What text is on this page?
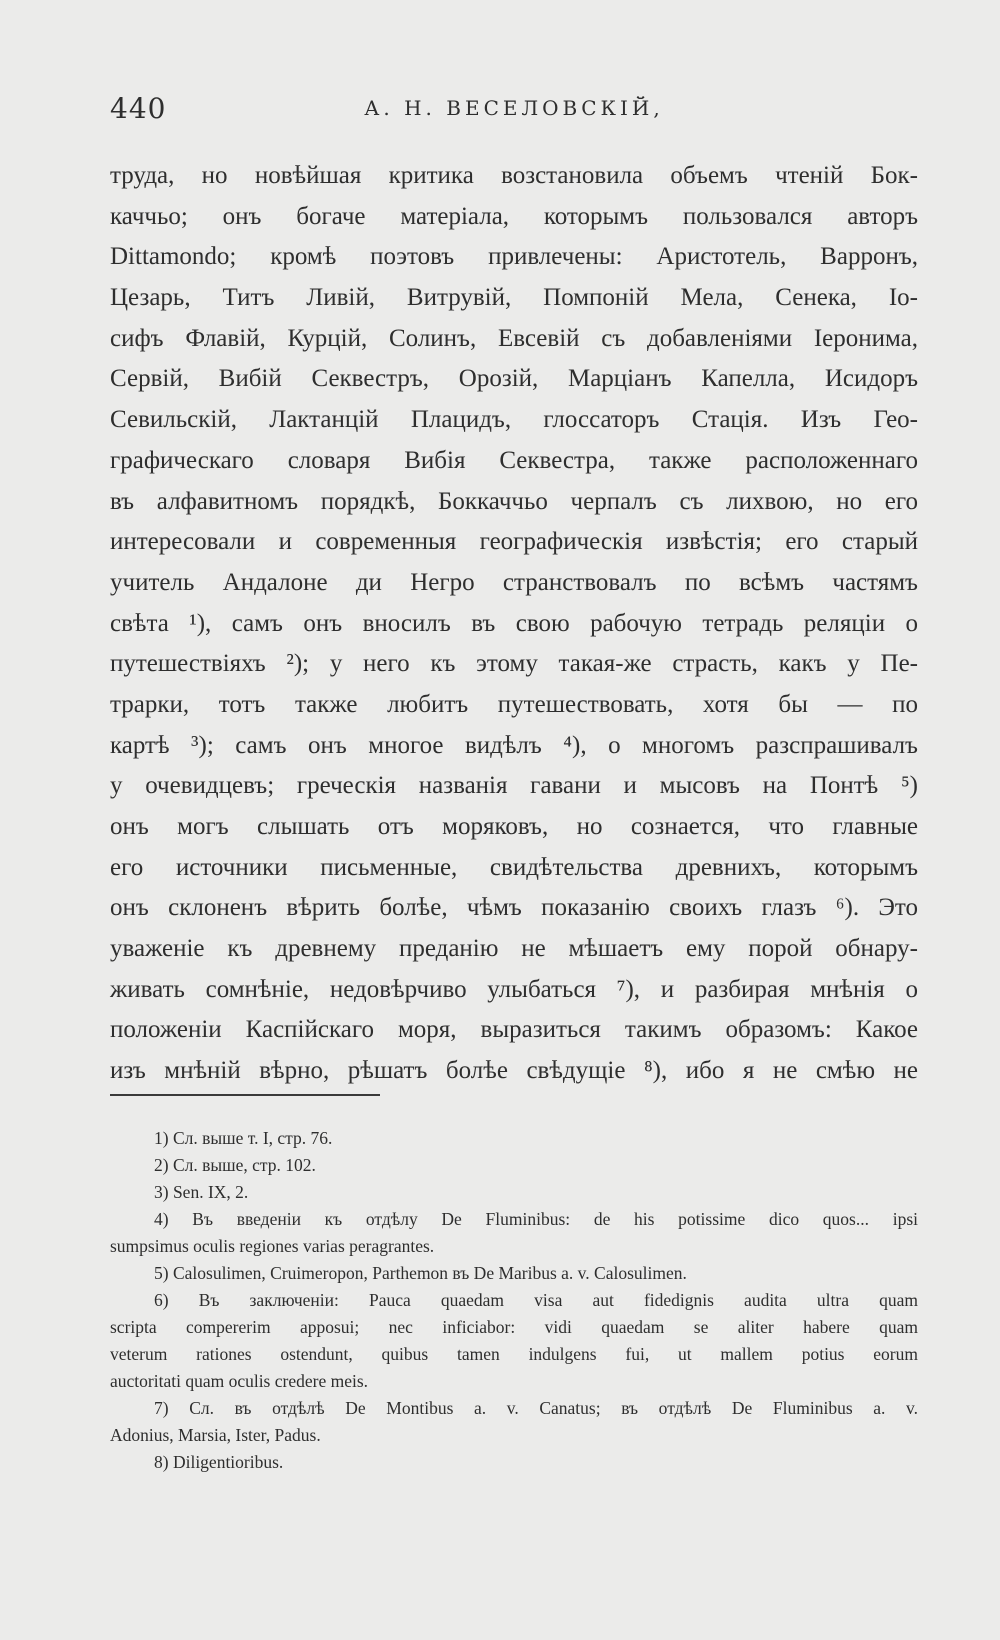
440	А. Н. ВЕСЕЛОВСКІЙ,
труда, но новѣйшая критика возстановила объемъ чтеній Бок-
каччьо; онъ богаче матеріала, которымъ пользовался авторъ
Dittamondo; кромѣ поэтовъ привлечены: Аристотель, Варронъ,
Цезарь, Титъ Ливій, Витрувій, Помпоній Мела, Сенека, Іо-
сифъ Флавій, Курцій, Солинъ, Евсевій съ добавленіями Іеронима,
Сервій, Вибій Секвестръ, Орозій, Марціанъ Капелла, Исидоръ
Севильскій, Лактанцій Плацидъ, глоссаторъ Стація. Изъ Гео-
графическаго словаря Вибія Секвестра, также расположеннаго
въ алфавитномъ порядкѣ, Боккаччьо черпалъ съ лихвою, но его
интересовали и современныя географическія извѣстія; его старый
учитель Андалоне ди Негро странствовалъ по всѣмъ частямъ
свѣта ¹), самъ онъ вносилъ въ свою рабочую тетрадь реляціи о
путешествіяхъ ²); у него къ этому такая-же страсть, какъ у Пе-
трарки, тотъ также любитъ путешествовать, хотя бы — по
картѣ ³); самъ онъ многое видѣлъ ⁴), о многомъ разспрашивалъ
у очевидцевъ; греческія названія гавани и мысовъ на Понтѣ ⁵)
онъ могъ слышать отъ моряковъ, но сознается, что главные
его источники письменные, свидѣтельства древнихъ, которымъ
онъ склоненъ вѣрить болѣе, чѣмъ показанію своихъ глазъ ⁶). Это
уваженіе къ древнему преданію не мѣшаетъ ему порой обнару-
живать сомнѣніе, недовѣрчиво улыбаться ⁷), и разбирая мнѣнія о
положеніи Каспійскаго моря, выразиться такимъ образомъ: Какое
изъ мнѣній вѣрно, рѣшатъ болѣе свѣдущіе ⁸), ибо я не смѣю не
1) Сл. выше т. I, стр. 76.
2) Сл. выше, стр. 102.
3) Sen. IX, 2.
4) Въ введеніи къ отдѣлу De Fluminibus: de his potissime dico quos... ipsi
sumpsimus oculis regiones varias peragrantes.
5) Calosulimen, Cruimeropon, Parthemon въ De Maribus a. v. Calosulimen.
6) Въ заключеніи: Pauca quaedam visa aut fidedignis audita ultra quam
scripta compererim apposui; nec inficiabor: vidi quaedam se aliter habere quam
veterum rationes ostendunt, quibus tamen indulgens fui, ut mallem potius eorum
auctoritati quam oculis credere meis.
7) Сл. въ отдѣлѣ De Montibus a. v. Canatus; въ отдѣлѣ De Fluminibus a. v.
Adonius, Marsia, Ister, Padus.
8) Diligentioribus.
